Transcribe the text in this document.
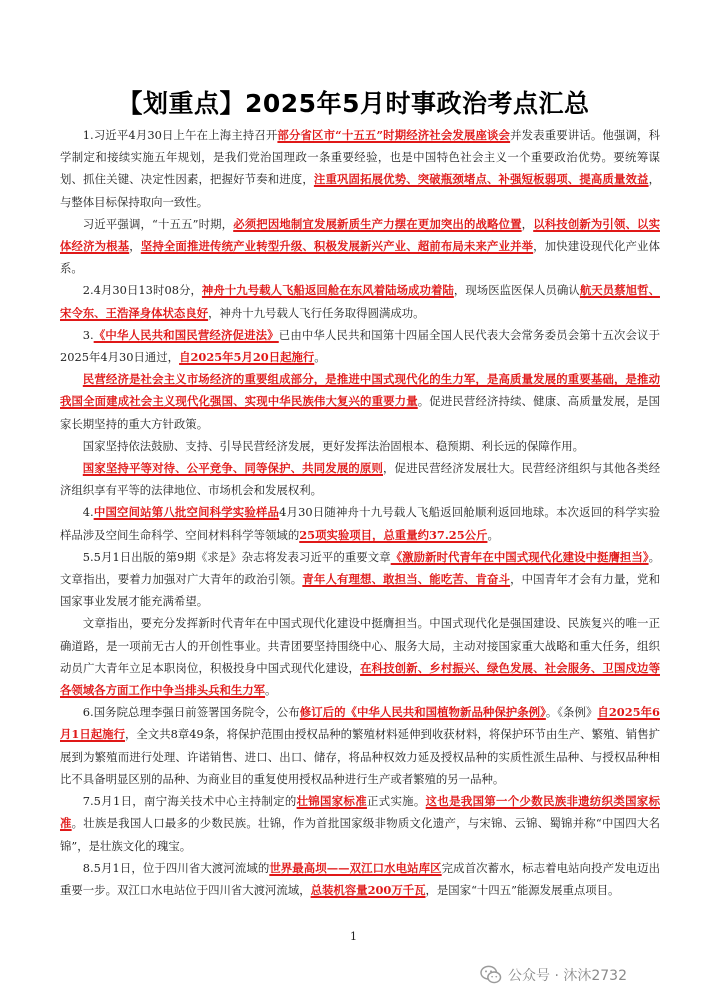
【划重点】2025年5月时事政治考点汇总

1.习近平4月30日上午在上海主持召开部分省区市“十五五”时期经济社会发展座谈会并发表重要讲话。他强调，科学制定和接续实施五年规划，是我们党治国理政一条重要经验，也是中国特色社会主义一个重要政治优势。要统筹谋划、抓住关键、决定性因素，把握好节奏和进度，注重巩固拓展优势、突破瓶颈堵点、补强短板弱项、提高质量效益，与整体目标保持取向一致性。

习近平强调，“十五五”时期，必须把因地制宜发展新质生产力摆在更加突出的战略位置，以科技创新为引领、以实体经济为根基，坚持全面推进传统产业转型升级、积极发展新兴产业、超前布局未来产业并举，加快建设现代化产业体系。

2.4月30日13时08分，神舟十九号载人飞船返回舱在东风着陆场成功着陆，现场医监医保人员确认航天员蔡旭哲、宋令东、王浩泽身体状态良好，神舟十九号载人飞行任务取得圆满成功。

3.《中华人民共和国民营经济促进法》已由中华人民共和国第十四届全国人民代表大会常务委员会第十五次会议于2025年4月30日通过，自2025年5月20日起施行。

民营经济是社会主义市场经济的重要组成部分，是推进中国式现代化的生力军，是高质量发展的重要基础，是推动我国全面建成社会主义现代化强国、实现中华民族伟大复兴的重要力量。促进民营经济持续、健康、高质量发展，是国家长期坚持的重大方针政策。

国家坚持依法鼓励、支持、引导民营经济发展，更好发挥法治固根本、稳预期、利长远的保障作用。

国家坚持平等对待、公平竞争、同等保护、共同发展的原则，促进民营经济发展壮大。民营经济组织与其他各类经济组织享有平等的法律地位、市场机会和发展权利。

4.中国空间站第八批空间科学实验样品4月30日随神舟十九号载人飞船返回舱顺利返回地球。本次返回的科学实验样品涉及空间生命科学、空间材料科学等领域的25项实验项目，总重量约37.25公斤。

5.5月1日出版的第9期《求是》杂志将发表习近平的重要文章《激励新时代青年在中国式现代化建设中挺膺担当》。文章指出，要着力加强对广大青年的政治引领。青年人有理想、敢担当、能吃苦、肯奋斗，中国青年才会有力量，党和国家事业发展才能充满希望。

文章指出，要充分发挥新时代青年在中国式现代化建设中挺膺担当。中国式现代化是强国建设、民族复兴的唯一正确道路，是一项前无古人的开创性事业。共青团要坚持围绕中心、服务大局，主动对接国家重大战略和重大任务，组织动员广大青年立足本职岗位，积极投身中国式现代化建设，在科技创新、乡村振兴、绿色发展、社会服务、卫国戍边等各领域各方面工作中争当排头兵和生力军。

6.国务院总理李强日前签署国务院令，公布修订后的《中华人民共和国植物新品种保护条例》。《条例》自2025年6月1日起施行，全文共8章49条，将保护范围由授权品种的繁殖材料延伸到收获材料，将保护环节由生产、繁殖、销售扩展到为繁殖而进行处理、许诺销售、进口、出口、储存，将品种权效力延及授权品种的实质性派生品种、与授权品种相比不具备明显区别的品种、为商业目的重复使用授权品种进行生产或者繁殖的另一品种。

7.5月1日，南宁海关技术中心主持制定的壮锦国家标准正式实施。这也是我国第一个少数民族非遗纺织类国家标准。壮族是我国人口最多的少数民族。壮锦，作为首批国家级非物质文化遗产，与宋锦、云锦、蜀锦并称“中国四大名锦”，是壮族文化的瑰宝。

8.5月1日，位于四川省大渡河流域的世界最高坝——双江口水电站库区完成首次蓄水，标志着电站向投产发电迈出重要一步。双江口水电站位于四川省大渡河流域，总装机容量200万千瓦，是国家“十四五”能源发展重点项目。

1
公众号 · 沐沐2732
